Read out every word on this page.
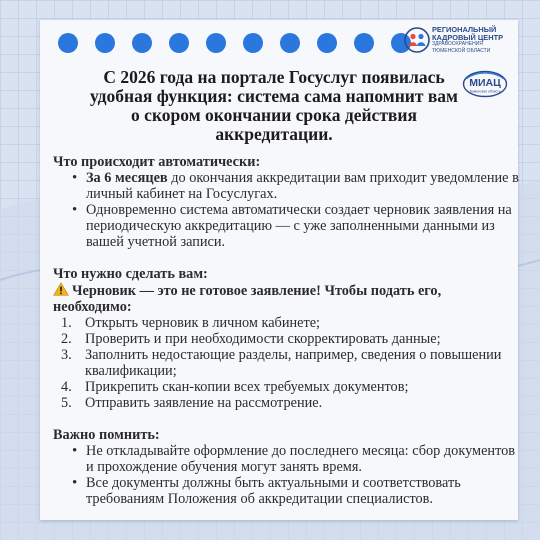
РЕГИОНАЛЬНЫЙ
КАДРОВЫЙ ЦЕНТР
ЗДРАВООХРАНЕНИЯ
ТЮМЕНСКОЙ ОБЛАСТИ
МИАЦ
Тюменская область
С 2026 года на портале Госуслуг появилась удобная функция: система сама напомнит вам о скором окончании срока действия аккредитации.
Что происходит автоматически:
• За 6 месяцев до окончания аккредитации вам приходит уведомление в личный кабинет на Госуслугах.
• Одновременно система автоматически создает черновик заявления на периодическую аккредитацию — с уже заполненными данными из вашей учетной записи.
Что нужно сделать вам:
Черновик — это не готовое заявление! Чтобы подать его, необходимо:
1. Открыть черновик в личном кабинете;
2. Проверить и при необходимости скорректировать данные;
3. Заполнить недостающие разделы, например, сведения о повышении квалификации;
4. Прикрепить скан-копии всех требуемых документов;
5. Отправить заявление на рассмотрение.
Важно помнить:
• Не откладывайте оформление до последнего месяца: сбор документов и прохождение обучения могут занять время.
• Все документы должны быть актуальными и соответствовать требованиям Положения об аккредитации специалистов.
